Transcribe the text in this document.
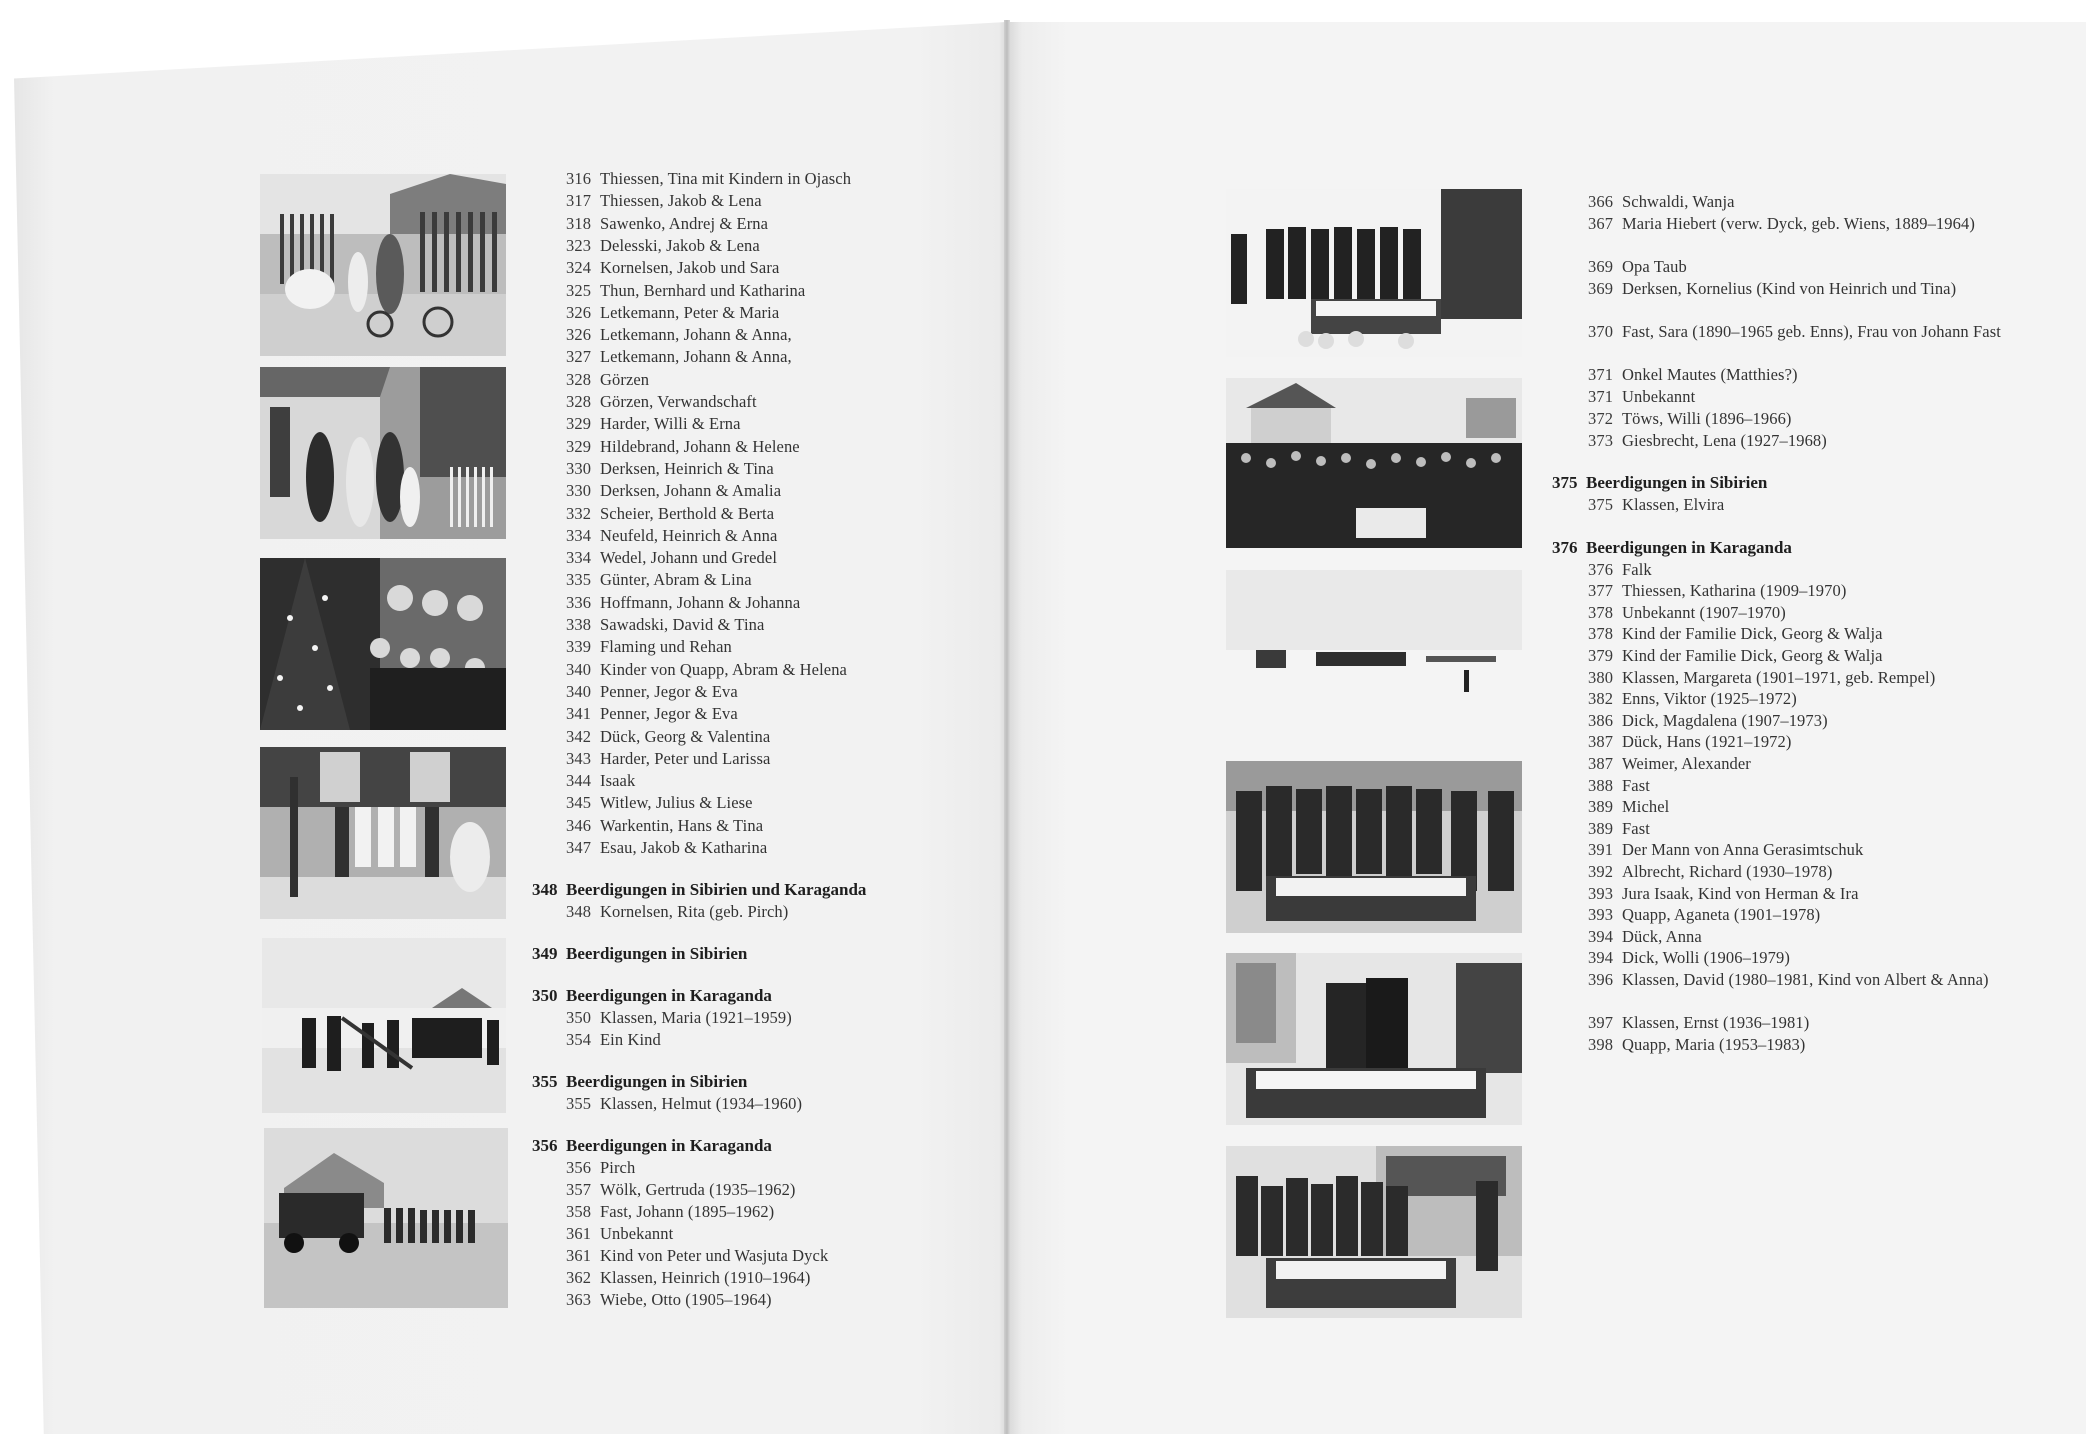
316 Thiessen, Tina mit Kindern in Ojasch
317 Thiessen, Jakob & Lena
318 Sawenko, Andrej & Erna
323 Delesski, Jakob & Lena
324 Kornelsen, Jakob und Sara
325 Thun, Bernhard und Katharina
326 Letkemann, Peter & Maria
326 Letkemann, Johann & Anna,
327 Letkemann, Johann & Anna,
328 Görzen
328 Görzen, Verwandschaft
329 Harder, Willi & Erna
329 Hildebrand, Johann & Helene
330 Derksen, Heinrich & Tina
330 Derksen, Johann & Amalia
332 Scheier, Berthold & Berta
334 Neufeld, Heinrich & Anna
334 Wedel, Johann und Gredel
335 Günter, Abram & Lina
336 Hoffmann, Johann & Johanna
338 Sawadski, David & Tina
339 Flaming und Rehan
340 Kinder von Quapp, Abram & Helena
340 Penner, Jegor & Eva
341 Penner, Jegor & Eva
342 Dück, Georg & Valentina
343 Harder, Peter und Larissa
344 Isaak
345 Witlew, Julius & Liese
346 Warkentin, Hans & Tina
347 Esau, Jakob & Katharina
348 Beerdigungen in Sibirien und Karaganda
348 Kornelsen, Rita (geb. Pirch)
349 Beerdigungen in Sibirien
350 Beerdigungen in Karaganda
350 Klassen, Maria (1921–1959)
354 Ein Kind
355 Beerdigungen in Sibirien
355 Klassen, Helmut (1934–1960)
356 Beerdigungen in Karaganda
356 Pirch
357 Wölk, Gertruda (1935–1962)
358 Fast, Johann (1895–1962)
361 Unbekannt
361 Kind von Peter und Wasjuta Dyck
362 Klassen, Heinrich (1910–1964)
363 Wiebe, Otto (1905–1964)
366 Schwaldi, Wanja
367 Maria Hiebert (verw. Dyck, geb. Wiens, 1889–1964)
369 Opa Taub
369 Derksen, Kornelius (Kind von Heinrich und Tina)
370 Fast, Sara (1890–1965 geb. Enns), Frau von Johann Fast
371 Onkel Mautes (Matthies?)
371 Unbekannt
372 Töws, Willi (1896–1966)
373 Giesbrecht, Lena (1927–1968)
375 Beerdigungen in Sibirien
375 Klassen, Elvira
376 Beerdigungen in Karaganda
376 Falk
377 Thiessen, Katharina (1909–1970)
378 Unbekannt (1907–1970)
378 Kind der Familie Dick, Georg & Walja
379 Kind der Familie Dick, Georg & Walja
380 Klassen, Margareta (1901–1971, geb. Rempel)
382 Enns, Viktor (1925–1972)
386 Dick, Magdalena (1907–1973)
387 Dück, Hans (1921–1972)
387 Weimer, Alexander
388 Fast
389 Michel
389 Fast
391 Der Mann von Anna Gerasimtschuk
392 Albrecht, Richard (1930–1978)
393 Jura Isaak, Kind von Herman & Ira
393 Quapp, Aganeta (1901–1978)
394 Dück, Anna
394 Dick, Wolli (1906–1979)
396 Klassen, David (1980–1981, Kind von Albert & Anna)
397 Klassen, Ernst (1936–1981)
398 Quapp, Maria (1953–1983)
